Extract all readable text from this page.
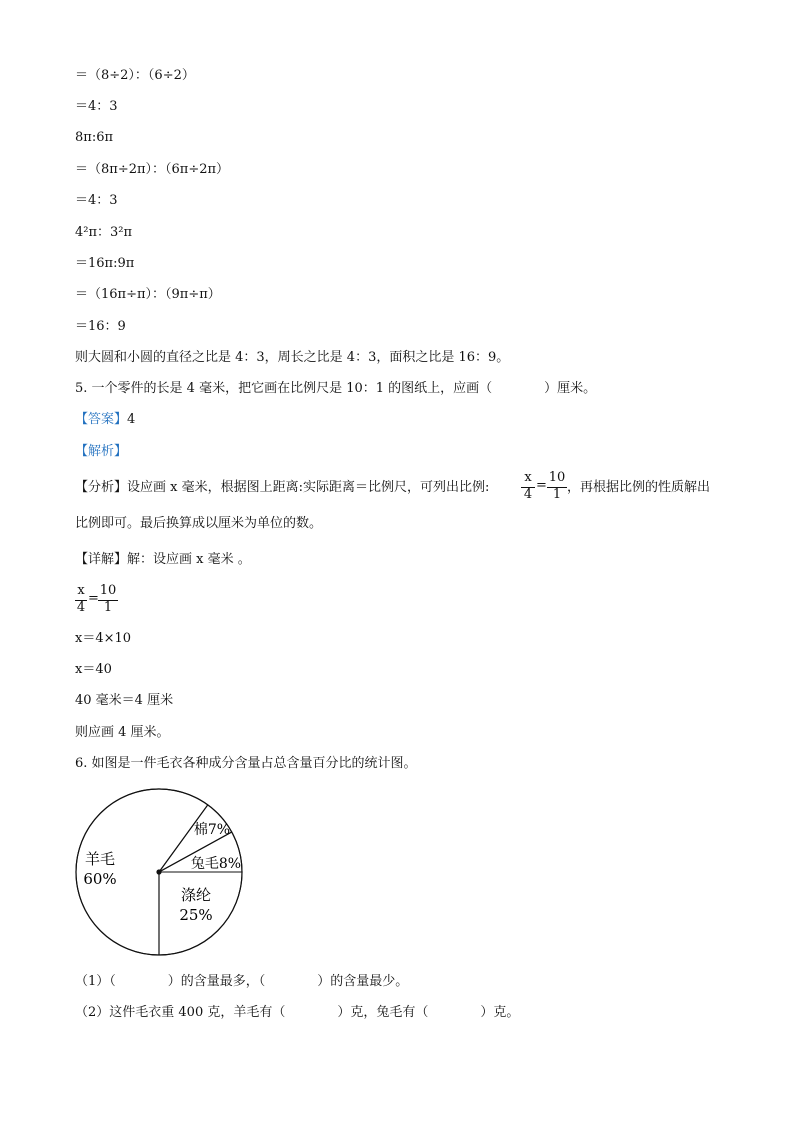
＝（8÷2）：（6÷2）
＝4：3
8π:6π
＝（8π÷2π）：（6π÷2π）
＝4：3
4²π：3²π
＝16π:9π
＝（16π÷π）：（9π÷π）
＝16：9
则大圆和小圆的直径之比是 4：3，周长之比是 4：3，面积之比是 16：9。
5. 一个零件的长是 4 毫米，把它画在比例尺是 10：1 的图纸上，应画（　　　　）厘米。
【答案】4
【解析】
【分析】设应画 x 毫米，根据图上距离:实际距离＝比例尺，可列出比例:
x
4
=
10
1 ，再根据比例的性质解出
比例即可。最后换算成以厘米为单位的数。
【详解】解：设应画 x 毫米 。
x
4
=
10
1
x＝4×10
x＝40
40 毫米＝4 厘米
则应画 4 厘米。
6. 如图是一件毛衣各种成分含量占总含量百分比的统计图。
羊毛
60%
棉7%
兔毛8%
涤纶
25%
（1）（　　　　）的含量最多，（　　　　）的含量最少。
（2）这件毛衣重 400 克，羊毛有（　　　　）克，兔毛有（　　　　）克。
